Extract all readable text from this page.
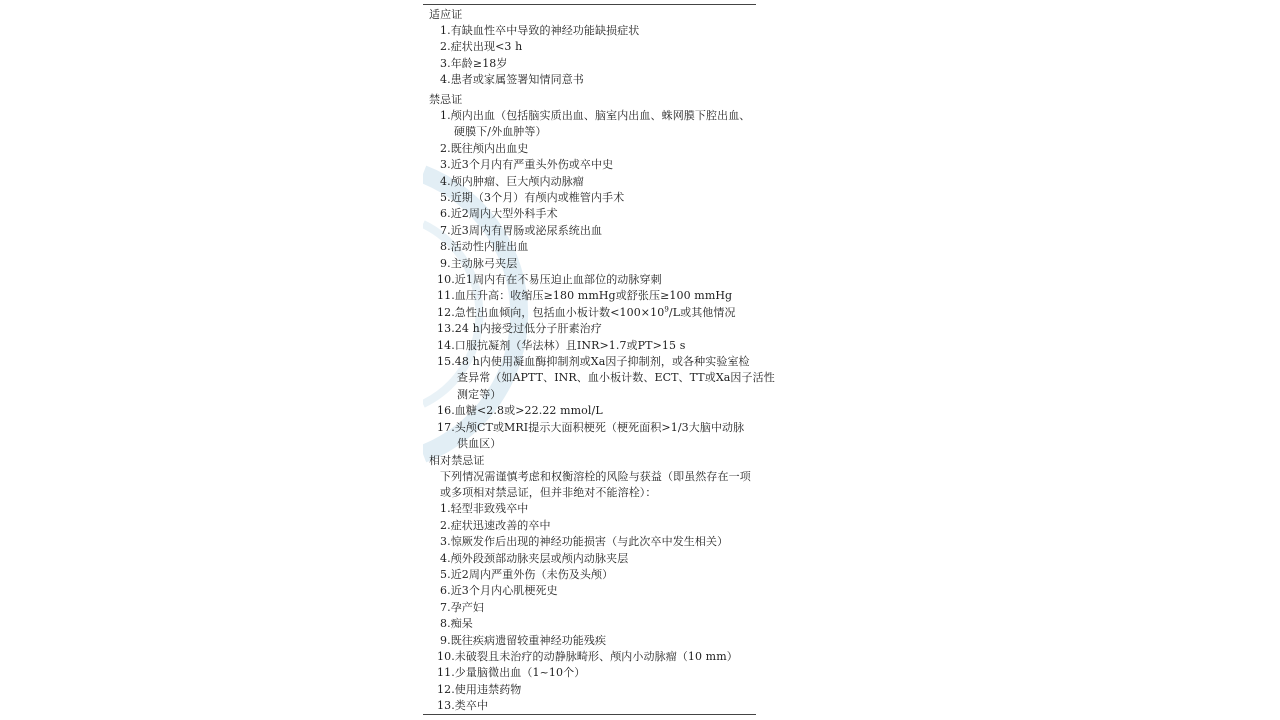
适应证
1.有缺血性卒中导致的神经功能缺损症状
2.症状出现<3 h
3.年龄≥18岁
4.患者或家属签署知情同意书
禁忌证
1.颅内出血（包括脑实质出血、脑室内出血、蛛网膜下腔出血、
硬膜下/外血肿等）
2.既往颅内出血史
3.近3个月内有严重头外伤或卒中史
4.颅内肿瘤、巨大颅内动脉瘤
5.近期（3个月）有颅内或椎管内手术
6.近2周内大型外科手术
7.近3周内有胃肠或泌尿系统出血
8.活动性内脏出血
9.主动脉弓夹层
10.近1周内有在不易压迫止血部位的动脉穿刺
11.血压升高：收缩压≥180 mmHg或舒张压≥100 mmHg
12.急性出血倾向，包括血小板计数$<100\times 10^9/L$或其他情况
13.24 h内接受过低分子肝素治疗
14.口服抗凝剂（华法林）且INR>1.7或PT>15 s
15.48 h内使用凝血酶抑制剂或Xa因子抑制剂，或各种实验室检
查异常（如APTT、INR、血小板计数、ECT、TT或Xa因子活性
测定等）
16.血糖<2.8或>22.22 mmol/L
17.头颅CT或MRI提示大面积梗死（梗死面积>1/3大脑中动脉
供血区）
相对禁忌证
下列情况需谨慎考虑和权衡溶栓的风险与获益（即虽然存在一项
或多项相对禁忌证，但并非绝对不能溶栓）：
1.轻型非致残卒中
2.症状迅速改善的卒中
3.惊厥发作后出现的神经功能损害（与此次卒中发生相关）
4.颅外段颈部动脉夹层或颅内动脉夹层
5.近2周内严重外伤（未伤及头颅）
6.近3个月内心肌梗死史
7.孕产妇
8.痴呆
9.既往疾病遗留较重神经功能残疾
10.未破裂且未治疗的动静脉畸形、颅内小动脉瘤（10 mm）
11.少量脑微出血（1~10个）
12.使用违禁药物
13.类卒中
